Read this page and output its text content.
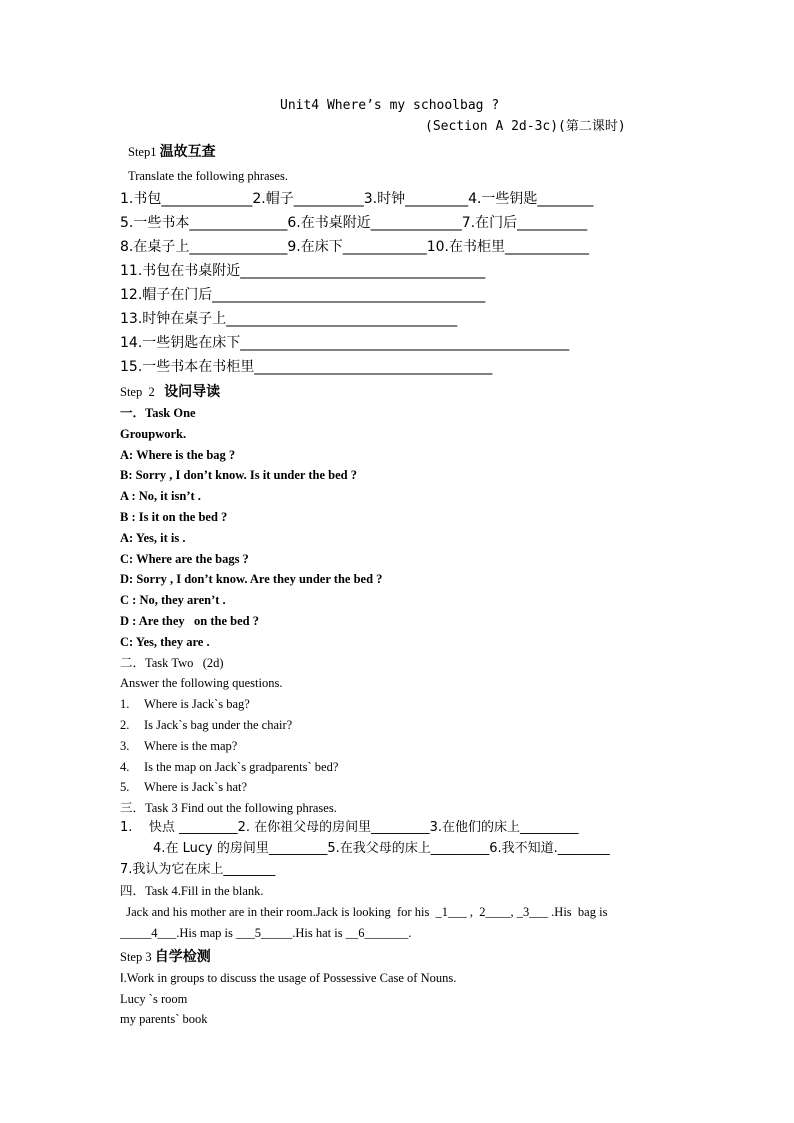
Unit4 Where’s my schoolbag ?
(Section A 2d-3c)(第二课时)
Step1 温故互查
Translate the following phrases.
1.书包_____________2.帽子__________3.时钟_________4.一些钥匙________
5.一些书本______________6.在书桌附近_____________7.在门后__________
8.在桌子上______________9.在床下____________10.在书柜里____________
11.书包在书桌附近___________________________________
12.帽子在门后_______________________________________
13.时钟在桌子上_________________________________
14.一些钥匙在床下_______________________________________________
15.一些书本在书柜里__________________________________
Step  2 设问导读
一．Task One
Groupwork.
A: Where is the bag ?
B: Sorry , I don’t know. Is it under the bed ?
A : No, it isn’t .
B : Is it on the bed ?
A: Yes, it is .
C: Where are the bags ?
D: Sorry , I don’t know. Are they under the bed ?
C : No, they aren’t .
D : Are they   on the bed ?
C: Yes, they are .
二．Task Two   (2d)
Answer the following questions.
1. Where is Jack`s bag?
2. Is Jack`s bag under the chair?
3. Where is the map?
4. Is the map on Jack`s gradparents` bed?
5. Where is Jack`s hat?
三．Task 3 Find out the following phrases.
1.    快点 _________2. 在你祖父母的房间里_________3.在他们的床上_________
4.在 Lucy 的房间里_________5.在我父母的床上_________6.我不知道.________
7.我认为它在床上________
四．Task 4.Fill in the blank.
Jack and his mother are in their room.Jack is looking  for his  _1___ ,  2____, _3___ .His  bag is
_____4___.His map is ___5_____.His hat is __6_______.
Step 3 自学检测
Ⅰ.Work in groups to discuss the usage of Possessive Case of Nouns.
Lucy `s room
my parents` book
